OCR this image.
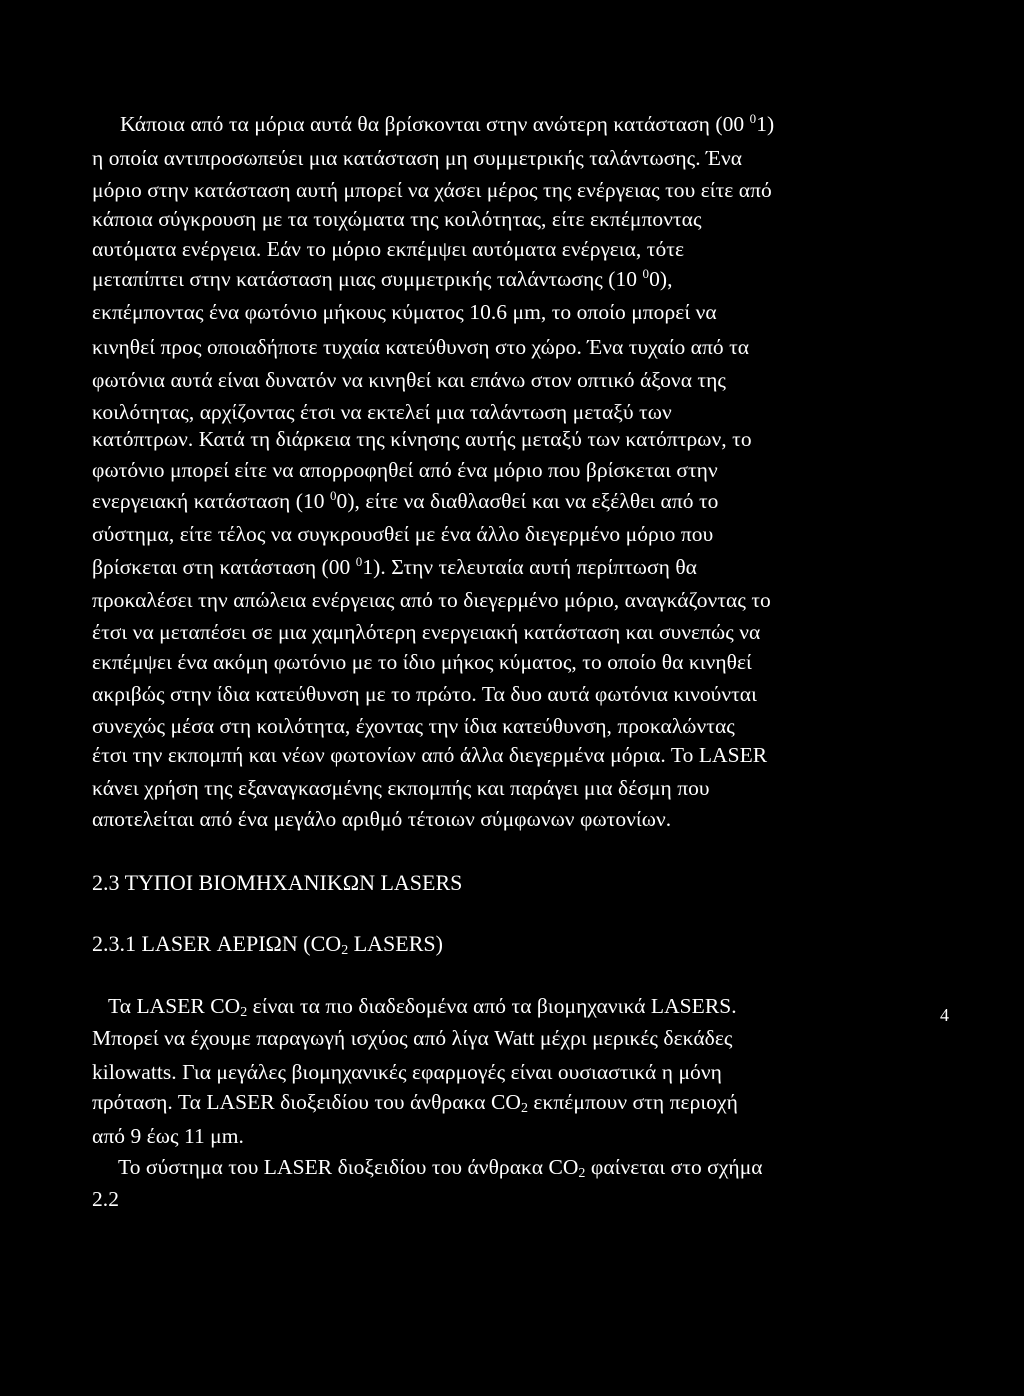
Κάποια από τα μόρια αυτά θα βρίσκονται στην ανώτερη κατάσταση (00 $^0$1)
η οποία αντιπροσωπεύει μια κατάσταση μη συμμετρικής ταλάντωσης. Ένα
μόριο στην κατάσταση αυτή μπορεί να χάσει μέρος της ενέργειας του είτε από
κάποια σύγκρουση με τα τοιχώματα της κοιλότητας, είτε εκπέμποντας
αυτόματα ενέργεια. Εάν το μόριο εκπέμψει αυτόματα ενέργεια, τότε
μεταπίπτει στην κατάσταση μιας συμμετρικής ταλάντωσης (10 $^0$0),
εκπέμποντας ένα φωτόνιο μήκους κύματος 10.6 μm, το οποίο μπορεί να
κινηθεί προς οποιαδήποτε τυχαία κατεύθυνση στο χώρο. Ένα τυχαίο από τα
φωτόνια αυτά είναι δυνατόν να κινηθεί και επάνω στον οπτικό άξονα της
κοιλότητας, αρχίζοντας έτσι να εκτελεί μια ταλάντωση μεταξύ των
κατόπτρων. Κατά τη διάρκεια της κίνησης αυτής μεταξύ των κατόπτρων, το
φωτόνιο μπορεί είτε να απορροφηθεί από ένα μόριο που βρίσκεται στην
ενεργειακή κατάσταση (10 $^0$0), είτε να διαθλασθεί και να εξέλθει από το
σύστημα, είτε τέλος να συγκρουσθεί με ένα άλλο διεγερμένο μόριο που
βρίσκεται στη κατάσταση (00 $^0$1). Στην τελευταία αυτή περίπτωση θα
προκαλέσει την απώλεια ενέργειας από το διεγερμένο μόριο, αναγκάζοντας το
έτσι να μεταπέσει σε μια χαμηλότερη ενεργειακή κατάσταση και συνεπώς να
εκπέμψει ένα ακόμη φωτόνιο με το ίδιο μήκος κύματος, το οποίο θα κινηθεί
ακριβώς στην ίδια κατεύθυνση με το πρώτο. Τα δυο αυτά φωτόνια κινούνται
συνεχώς μέσα στη κοιλότητα, έχοντας την ίδια κατεύθυνση, προκαλώντας
έτσι την εκπομπή και νέων φωτονίων από άλλα διεγερμένα μόρια. Το LASER
κάνει χρήση της εξαναγκασμένης εκπομπής και παράγει μια δέσμη που
αποτελείται από ένα μεγάλο αριθμό τέτοιων σύμφωνων φωτονίων.
2.3 ΤΥΠΟΙ ΒΙΟΜΗΧΑΝΙΚΩΝ LASERS
2.3.1 LASER ΑΕΡΙΩΝ ($CO_2$ LASERS)
Τα LASER $CO_2$ είναι τα πιο διαδεδομένα από τα βιομηχανικά LASERS.
Μπορεί να έχουμε παραγωγή ισχύος από λίγα Watt μέχρι μερικές δεκάδες
kilowatts. Για μεγάλες βιομηχανικές εφαρμογές είναι ουσιαστικά η μόνη
πρόταση. Τα LASER διοξειδίου του άνθρακα $CO_2$ εκπέμπουν στη περιοχή
από 9 έως 11 μm.
Το σύστημα του LASER διοξειδίου του άνθρακα $CO_2$ φαίνεται στο σχήμα
2.2
4
